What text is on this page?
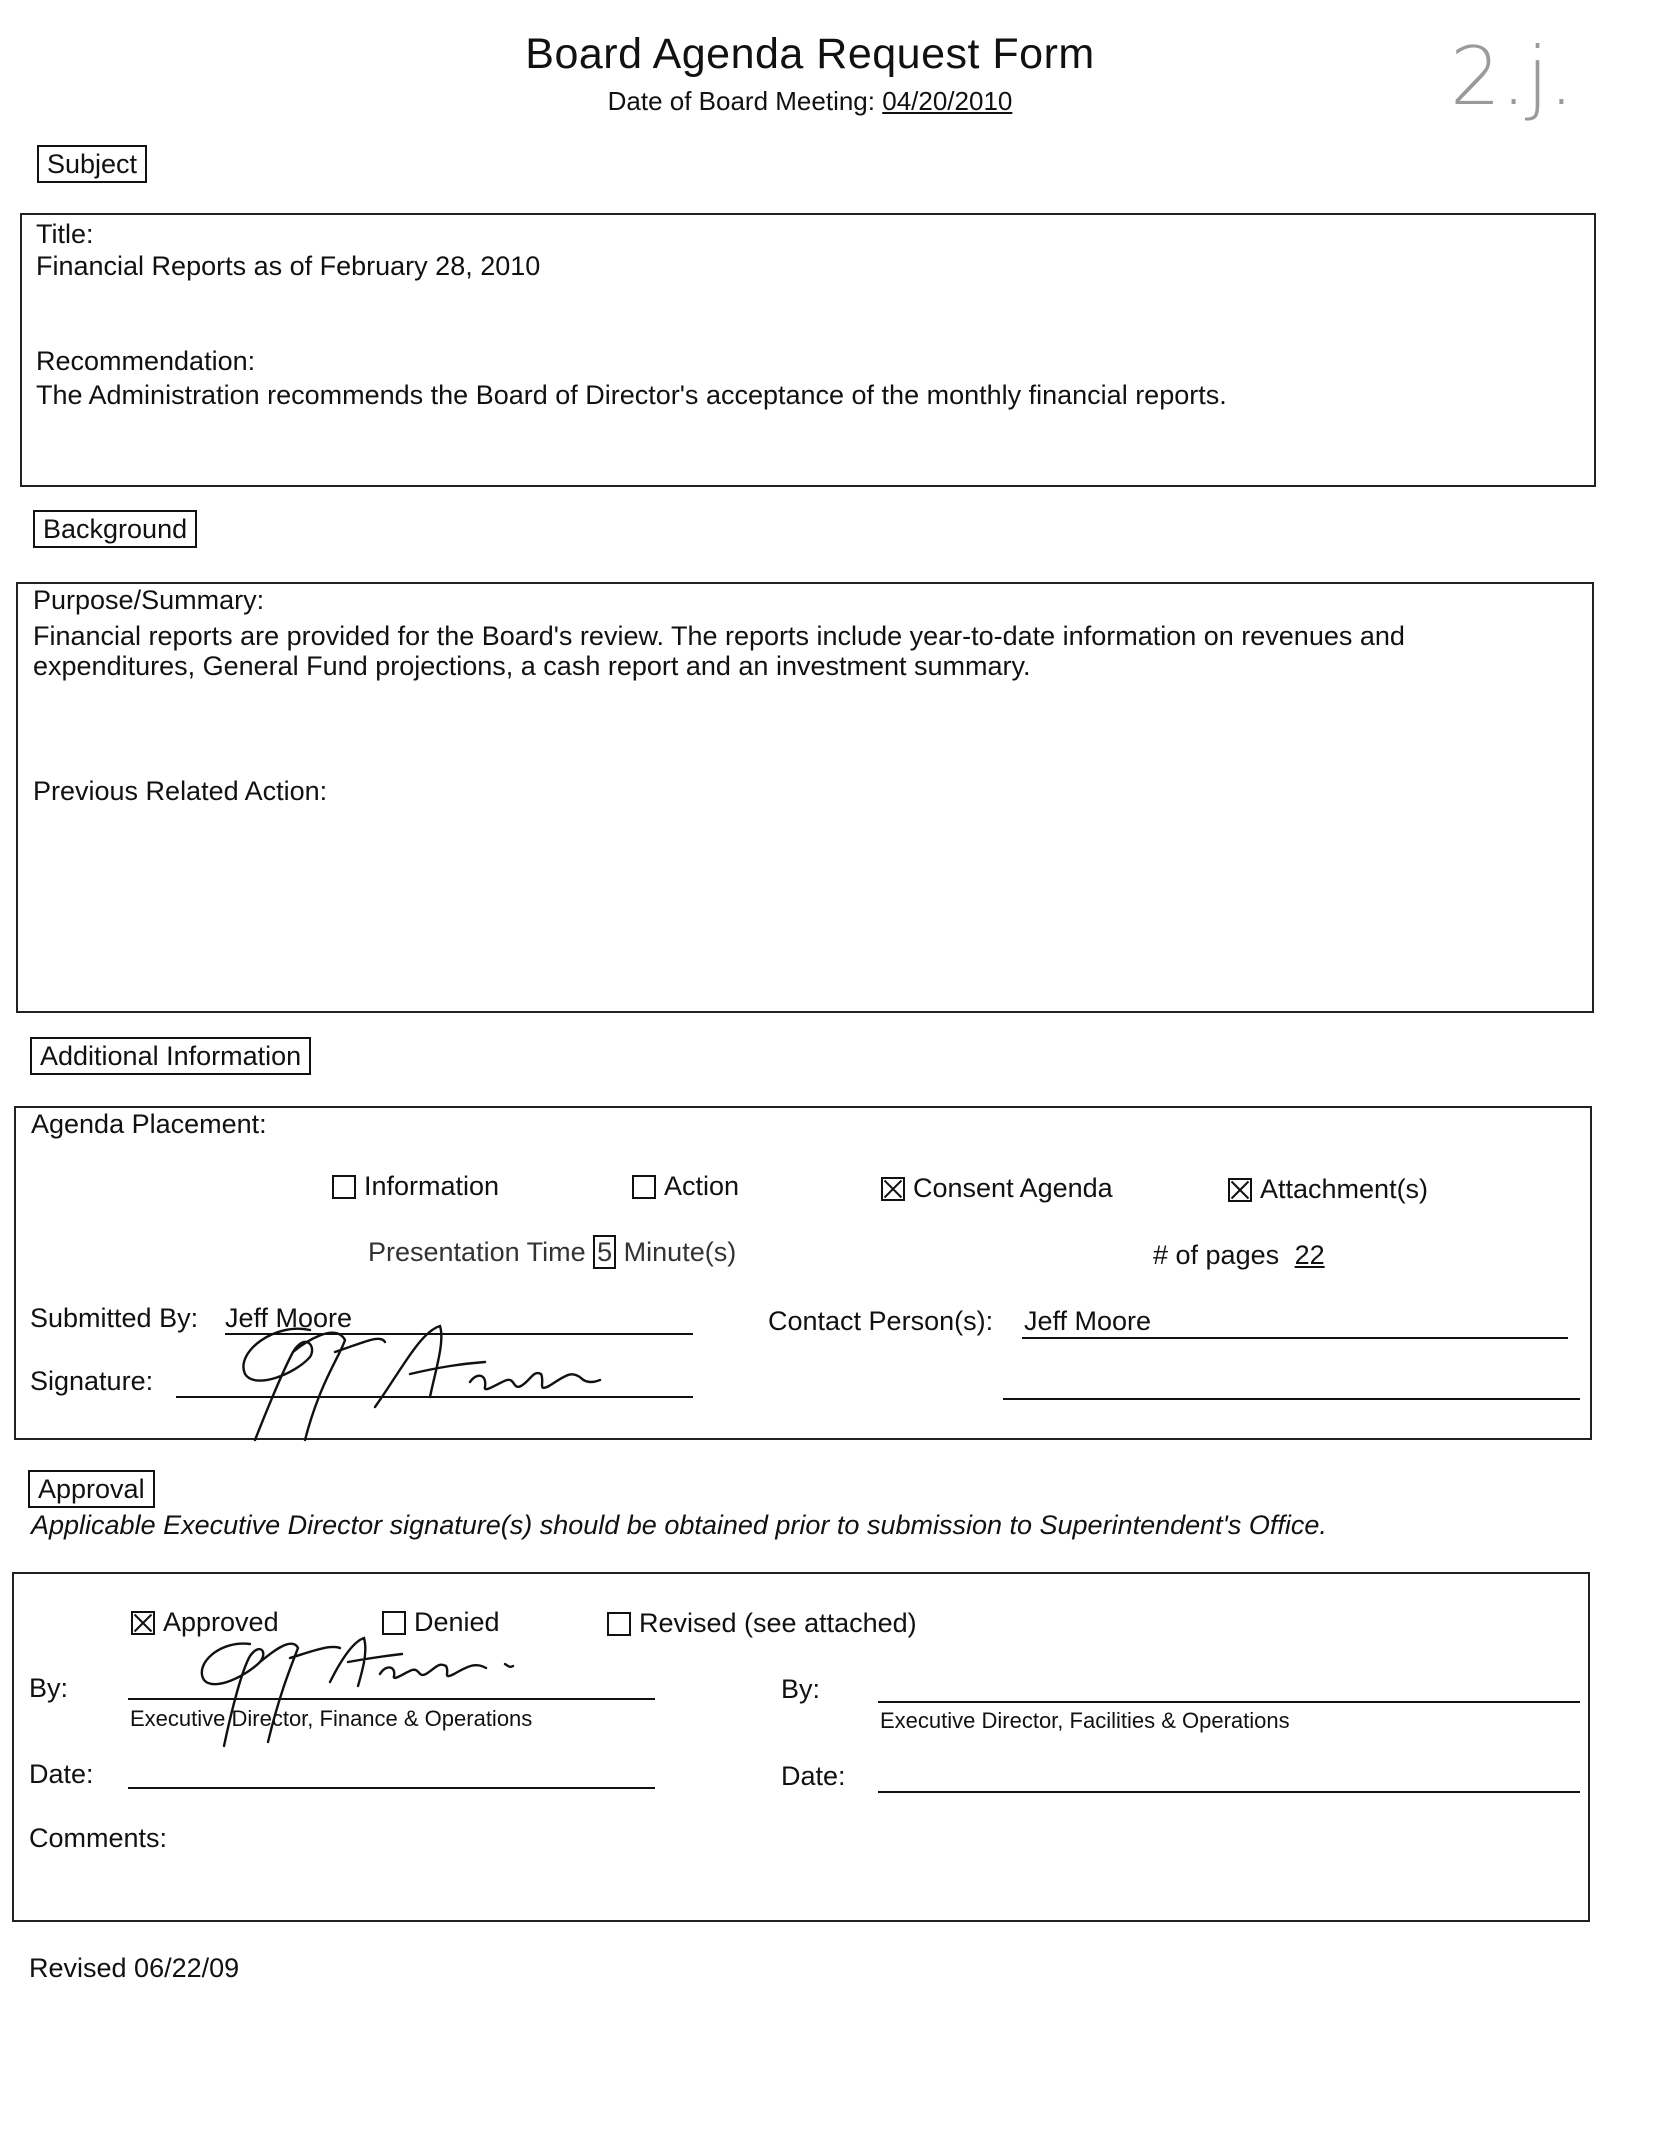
Board Agenda Request Form
Date of Board Meeting: 04/20/2010	2.j.
Subject
Title:
Financial Reports as of February 28, 2010
Recommendation:
The Administration recommends the Board of Director's acceptance of the monthly financial reports.
Background
Purpose/Summary:
Financial reports are provided for the Board's review. The reports include year-to-date information on revenues and
expenditures, General Fund projections, a cash report and an investment summary.
Previous Related Action:
Additional Information
Agenda Placement:
Information	Action	Consent Agenda	Attachment(s)
Presentation Time 5 Minute(s)	# of pages 22
Submitted By: Jeff Moore	Contact Person(s): Jeff Moore
Signature:
Approval
Applicable Executive Director signature(s) should be obtained prior to submission to Superintendent's Office.
Approved	Denied	Revised (see attached)
By:
Executive Director, Finance & Operations
By:
Executive Director, Facilities & Operations
Date:	Date:
Comments:
Revised 06/22/09
